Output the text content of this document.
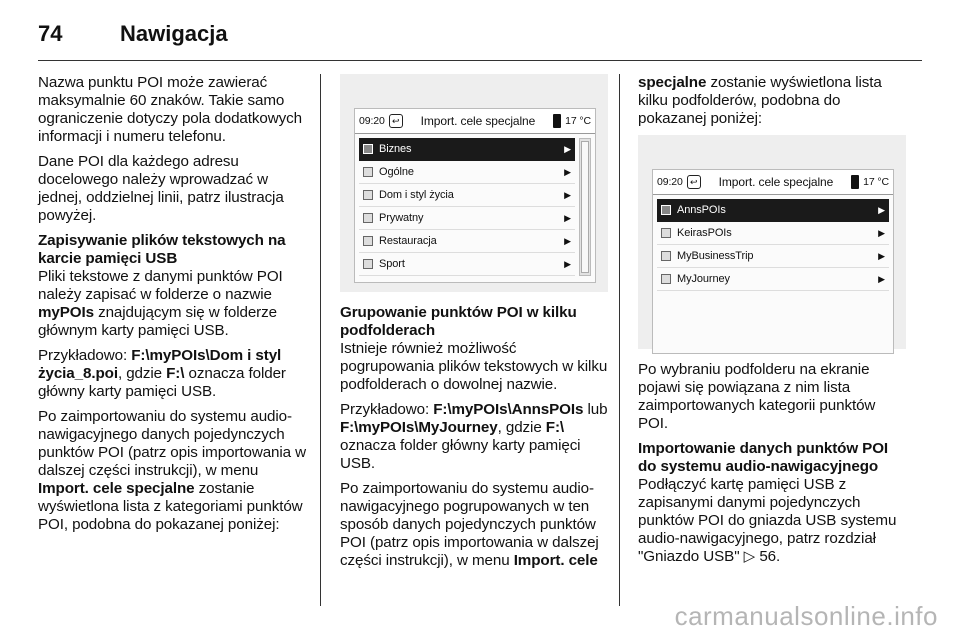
74	Nawigacja

Nazwa punktu POI może zawierać maksymalnie 60 znaków. Takie samo ograniczenie dotyczy pola dodatkowych informacji i numeru telefonu.

Dane POI dla każdego adresu docelowego należy wprowadzać w jednej, oddzielnej linii, patrz ilustracja powyżej.

Zapisywanie plików tekstowych na karcie pamięci USB

Pliki tekstowe z danymi punktów POI należy zapisać w folderze o nazwie myPOIs znajdującym się w folderze głównym karty pamięci USB.

Przykładowo: F:\myPOIs\Dom i styl życia_8.poi, gdzie F:\ oznacza folder główny karty pamięci USB.

Po zaimportowaniu do systemu audio-nawigacyjnego danych pojedynczych punktów POI (patrz opis importowania w dalszej części instrukcji), w menu Import. cele specjalne zostanie wyświetlona lista z kategoriami punktów POI, podobna do pokazanej poniżej:

09:20 ↩	Import. cele specjalne	17 °C
Biznes	▶
Ogólne	▶
Dom i styl życia	▶
Prywatny	▶
Restauracja	▶
Sport	▶
Grupowanie punktów POI w kilku podfolderach

Istnieje również możliwość pogrupowania plików tekstowych w kilku podfolderach o dowolnej nazwie.

Przykładowo: F:\myPOIs\AnnsPOIs lub F:\myPOIs\MyJourney, gdzie F:\ oznacza folder główny karty pamięci USB.

Po zaimportowaniu do systemu audio-nawigacyjnego pogrupowanych w ten sposób danych pojedynczych punktów POI (patrz opis importowania w dalszej części instrukcji), w menu Import. cele

specjalne zostanie wyświetlona lista kilku podfolderów, podobna do pokazanej poniżej:

09:20 ↩	Import. cele specjalne	17 °C
AnnsPOIs	▶
KeirasPOIs	▶
MyBusinessTrip	▶
MyJourney	▶

Po wybraniu podfolderu na ekranie pojawi się powiązana z nim lista zaimportowanych kategorii punktów POI.

Importowanie danych punktów POI do systemu audio-nawigacyjnego

Podłączyć kartę pamięci USB z zapisanymi danymi pojedynczych punktów POI do gniazda USB systemu audio-nawigacyjnego, patrz rozdział "Gniazdo USB" ▷ 56.

carmanualsonline.info
